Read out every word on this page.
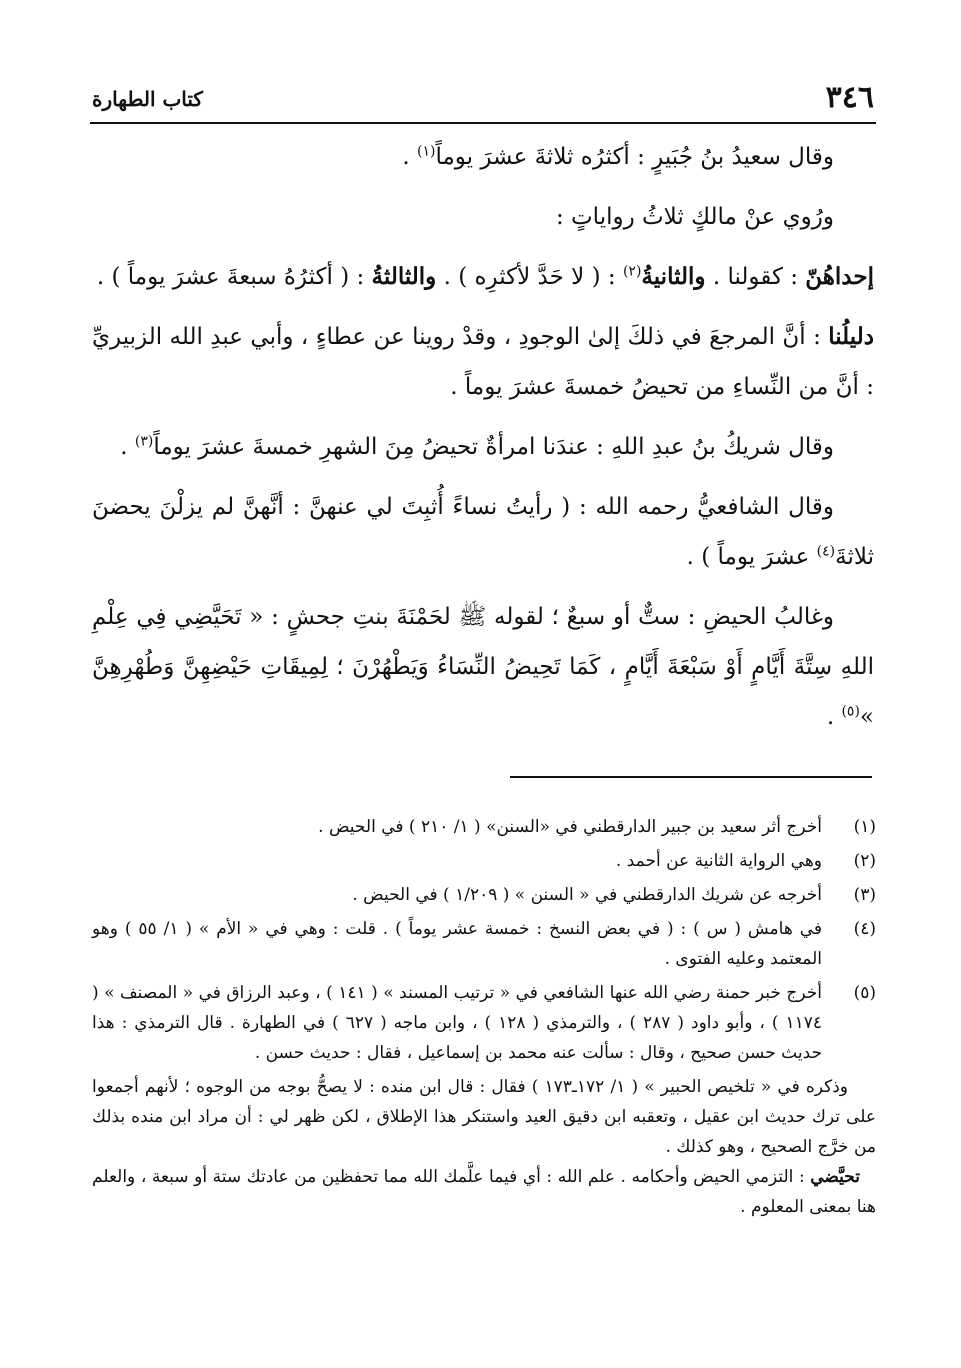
٣٤٦
كتاب الطهارة

وقال سعيدُ بنُ جُبَيرٍ : أكثرُه ثلاثةَ عشرَ يوماً$^{(١)}$ .

ورُوي عنْ مالكٍ ثلاثُ رواياتٍ :

إحداهُنّ : كقولنا . والثانيةُ$^{(٢)}$ : ( لا حَدَّ لأكثرِه ) . والثالثةُ : ( أكثرُهُ سبعةَ عشرَ يوماً ) .

دليلُنا : أنَّ المرجعَ في ذلكَ إلىٰ الوجودِ ، وقدْ روينا عن عطاءٍ ، وأبي عبدِ الله الزبيريِّ : أنَّ من النِّساءِ من تحيضُ خمسةَ عشرَ يوماً .

وقال شريكُ بنُ عبدِ اللهِ : عندَنا امرأةٌ تحيضُ مِنَ الشهرِ خمسةَ عشرَ يوماً$^{(٣)}$ .

وقال الشافعيُّ رحمه الله : ( رأيتُ نساءً أُثبِتَ لي عنهنَّ : أنَّهنَّ لم يزلْنَ يحضنَ ثلاثةَ$^{(٤)}$ عشرَ يوماً ) .

وغالبُ الحيضِ : ستٌّ أو سبعٌ ؛ لقوله ﷺ لحَمْنَةَ بنتِ جحشٍ : « تَحَيَّضِي فِي عِلْمِ اللهِ سِتَّةَ أَيَّامٍ أَوْ سَبْعَةَ أَيَّامٍ ، كَمَا تَحِيضُ النِّسَاءُ وَيَطْهُرْنَ ؛ لِمِيقَاتِ حَيْضِهِنَّ وَطُهْرِهِنَّ »$^{(٥)}$ .

(١)
أخرج أثر سعيد بن جبير الدارقطني في «السنن» ( ١/ ٢١٠ ) في الحيض .
(٢)
وهي الرواية الثانية عن أحمد .
(٣)
أخرجه عن شريك الدارقطني في « السنن » ( ١/٢٠٩ ) في الحيض .
(٤)
في هامش ( س ) : ( في بعض النسخ : خمسة عشر يوماً ) . قلت : وهي في « الأم » ( ١/ ٥٥ ) وهو المعتمد وعليه الفتوى .
(٥)
أخرج خبر حمنة رضي الله عنها الشافعي في « ترتيب المسند » ( ١٤١ ) ، وعبد الرزاق في « المصنف » ( ١١٧٤ ) ، وأبو داود ( ٢٨٧ ) ، والترمذي ( ١٢٨ ) ، وابن ماجه ( ٦٢٧ ) في الطهارة . قال الترمذي : هذا حديث حسن صحيح ، وقال : سألت عنه محمد بن إسماعيل ، فقال : حديث حسن .

وذكره في « تلخيص الحبير » ( ١/ ١٧٢ـ١٧٣ ) فقال : قال ابن منده : لا يصحُّ بوجه من الوجوه ؛ لأنهم أجمعوا على ترك حديث ابن عقيل ، وتعقبه ابن دقيق العيد واستنكر هذا الإطلاق ، لكن ظهر لي : أن مراد ابن منده بذلك من خرَّج الصحيح ، وهو كذلك .

تحيَّضي : التزمي الحيض وأحكامه . علم الله : أي فيما علَّمك الله مما تحفظين من عادتك ستة أو سبعة ، والعلم هنا بمعنى المعلوم .
